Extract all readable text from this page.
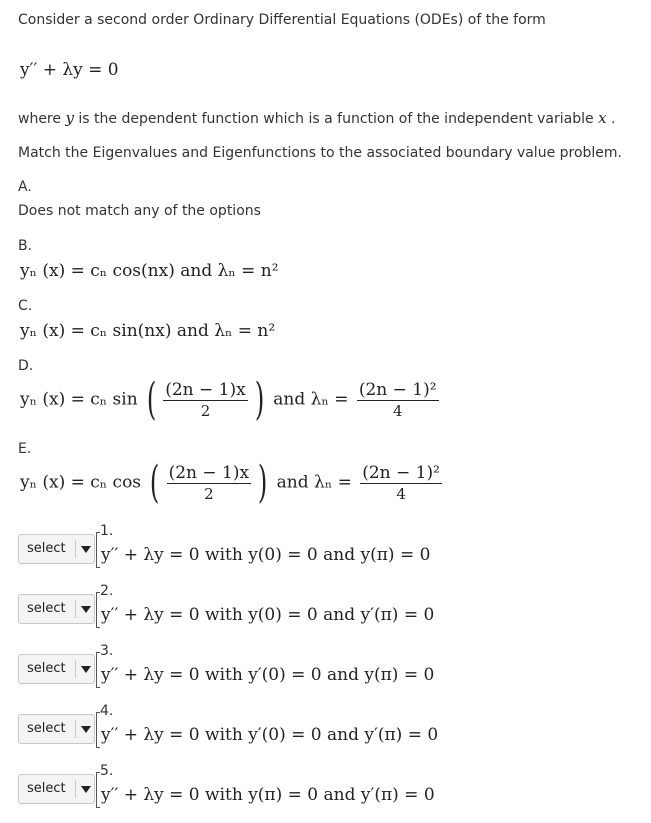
Consider a second order Ordinary Differential Equations (ODEs) of the form
y′′ + λy = 0
where y is the dependent function which is a function of the independent variable x .
Match the Eigenvalues and Eigenfunctions to the associated boundary value problem.
A.
Does not match any of the options
B.
yₙ (x) = cₙ cos(nx) and λₙ = n²
C.
yₙ (x) = cₙ sin(nx) and λₙ = n²
D.
yₙ (x) = cₙ sin ( $\frac{(2n - 1)x}{2}$ ) and $\lambda_n = \frac{\text{(2n − 1)²}}{4}$
E.
yₙ (x) = cₙ cos ( $\frac{(2n - 1)x}{2}$ ) and $\lambda_n = \frac{\text{(2n − 1)²}}{4}$
1.
select y′′ + λy = 0 with y(0) = 0 and y(π) = 0
2.
select y′′ + λy = 0 with y(0) = 0 and y′(π) = 0
3.
select y′′ + λy = 0 with y′(0) = 0 and y(π) = 0
4.
select y′′ + λy = 0 with y′(0) = 0 and y′(π) = 0
5.
select y′′ + λy = 0 with y(π) = 0 and y′(π) = 0
